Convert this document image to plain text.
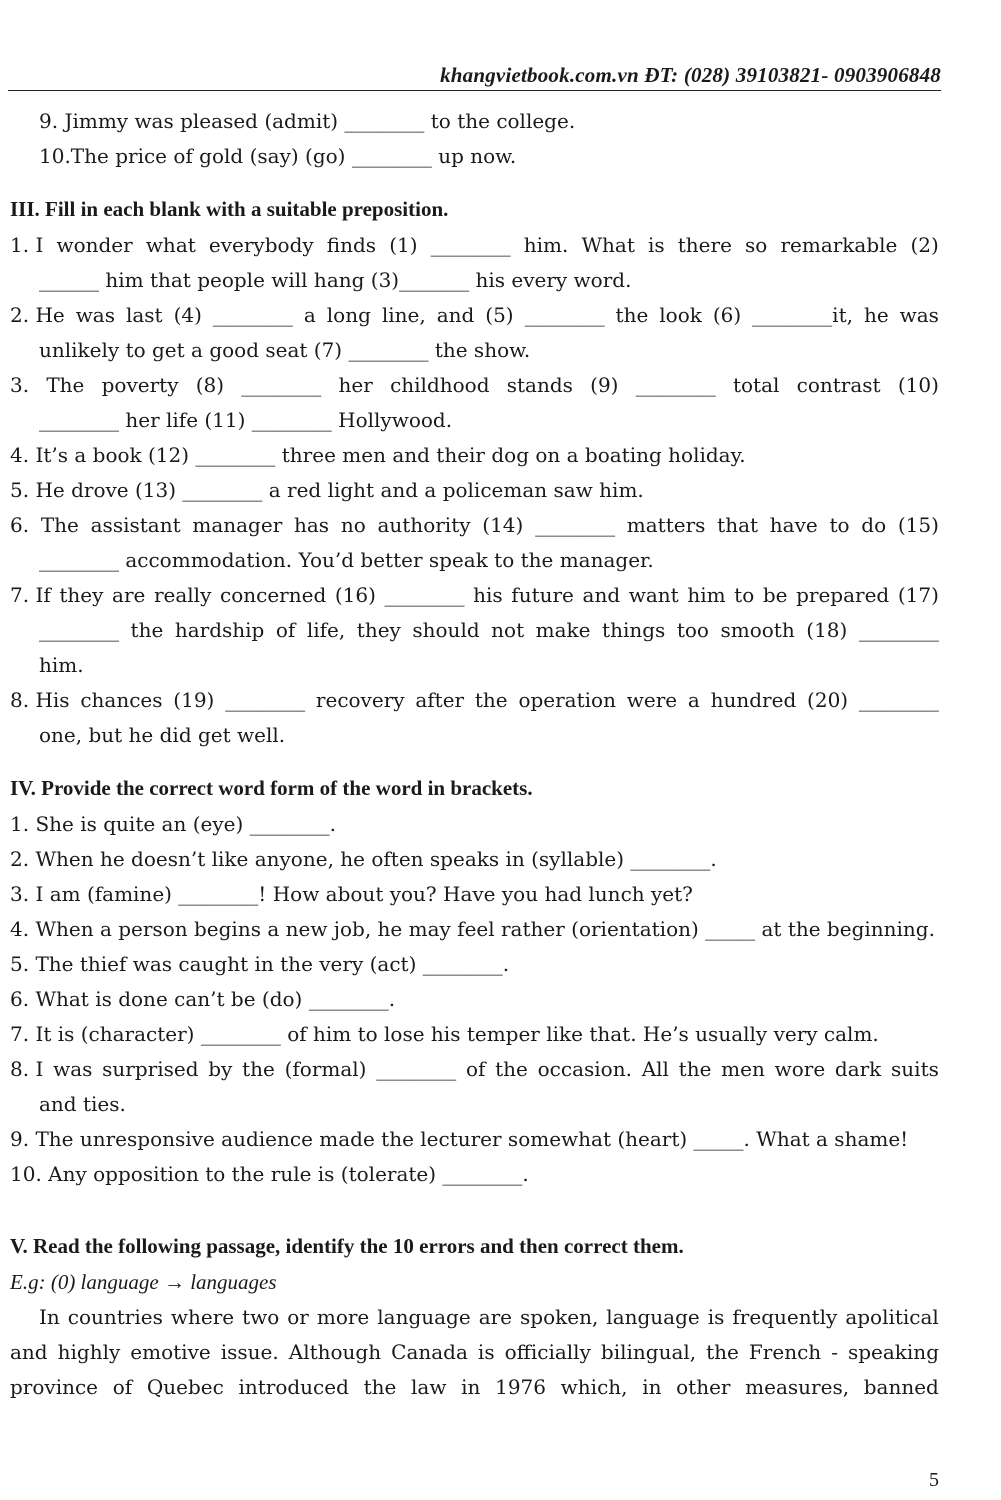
khangvietbook.com.vn ĐT: (028) 39103821- 0903906848
9. Jimmy was pleased (admit) ________ to the college.
10.The price of gold (say) (go) ________ up now.
III. Fill in each blank with a suitable preposition.
1. I wonder what everybody finds (1) ________ him. What is there so remarkable (2)
______ him that people will hang (3)_______ his every word.
2. He was last (4) ________ a long line, and (5) ________ the look (6) ________it, he was
unlikely to get a good seat (7) ________ the show.
3. The poverty (8) ________ her childhood stands (9) ________ total contrast (10)
________ her life (11) ________ Hollywood.
4. It’s a book (12) ________ three men and their dog on a boating holiday.
5. He drove (13) ________ a red light and a policeman saw him.
6. The assistant manager has no authority (14) ________ matters that have to do (15)
________ accommodation. You’d better speak to the manager.
7. If they are really concerned (16) ________ his future and want him to be prepared (17)
________ the hardship of life, they should not make things too smooth (18) ________
him.
8. His chances (19) ________ recovery after the operation were a hundred (20) ________
one, but he did get well.
IV. Provide the correct word form of the word in brackets.
1. She is quite an (eye) ________.
2. When he doesn’t like anyone, he often speaks in (syllable) ________.
3. I am (famine) ________! How about you? Have you had lunch yet?
4. When a person begins a new job, he may feel rather (orientation) _____ at the beginning.
5. The thief was caught in the very (act) ________.
6. What is done can’t be (do) ________.
7. It is (character) ________ of him to lose his temper like that. He’s usually very calm.
8. I was surprised by the (formal) ________ of the occasion. All the men wore dark suits
and ties.
9. The unresponsive audience made the lecturer somewhat (heart) _____. What a shame!
10. Any opposition to the rule is (tolerate) ________.
V. Read the following passage, identify the 10 errors and then correct them.
E.g: (0) language → languages
In countries where two or more language are spoken, language is frequently apolitical
and highly emotive issue. Although Canada is officially bilingual, the French - speaking
province of Quebec introduced the law in 1976 which, in other measures, banned
5
